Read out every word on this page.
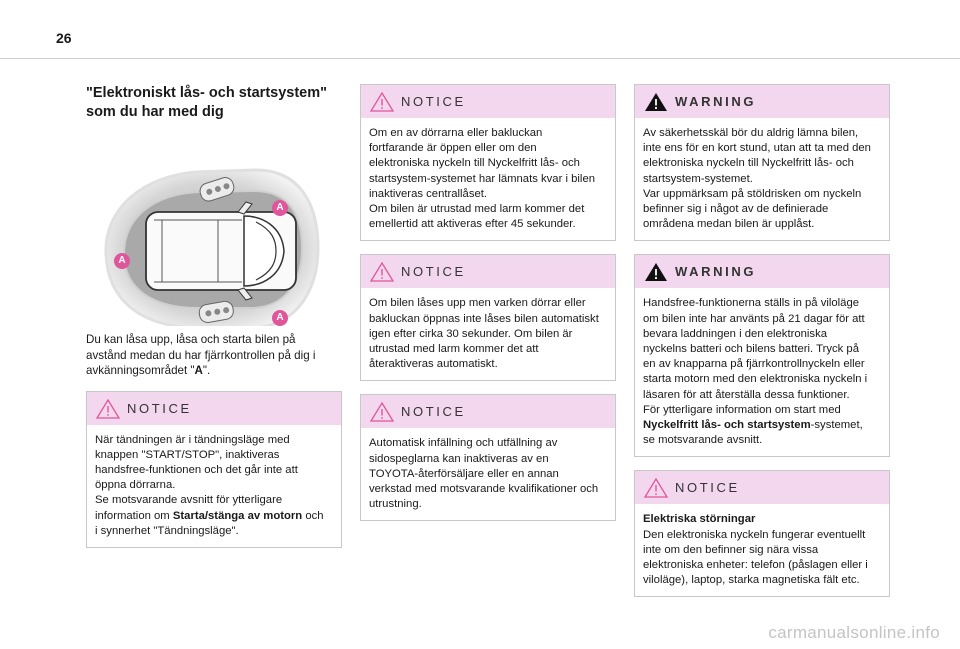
26
"Elektroniskt lås- och startsystem"
som du har med dig
A
A
A
Du kan låsa upp, låsa och starta bilen på
avstånd medan du har fjärrkontrollen på dig i
avkänningsområdet "A".
NOTICE
När tändningen är i tändningsläge med
knappen "START/STOP", inaktiveras
handsfree-funktionen och det går inte att
öppna dörrarna.
Se motsvarande avsnitt för ytterligare
information om Starta/stänga av motorn och
i synnerhet "Tändningsläge".
NOTICE
Om en av dörrarna eller bakluckan
fortfarande är öppen eller om den
elektroniska nyckeln till Nyckelfritt lås- och
startsystem-systemet har lämnats kvar i bilen
inaktiveras centrallåset.
Om bilen är utrustad med larm kommer det
emellertid att aktiveras efter 45 sekunder.
NOTICE
Om bilen låses upp men varken dörrar eller
bakluckan öppnas inte låses bilen automatiskt
igen efter cirka 30 sekunder. Om bilen är
utrustad med larm kommer det att
återaktiveras automatiskt.
NOTICE
Automatisk infällning och utfällning av
sidospeglarna kan inaktiveras av en
TOYOTA-återförsäljare eller en annan
verkstad med motsvarande kvalifikationer och
utrustning.
WARNING
Av säkerhetsskäl bör du aldrig lämna bilen,
inte ens för en kort stund, utan att ta med den
elektroniska nyckeln till Nyckelfritt lås- och
startsystem-systemet.
Var uppmärksam på stöldrisken om nyckeln
befinner sig i något av de definierade
områdena medan bilen är upplåst.
WARNING
Handsfree-funktionerna ställs in på viloläge
om bilen inte har använts på 21 dagar för att
bevara laddningen i den elektroniska
nyckelns batteri och bilens batteri. Tryck på
en av knapparna på fjärrkontrollnyckeln eller
starta motorn med den elektroniska nyckeln i
läsaren för att återställa dessa funktioner.
För ytterligare information om start med
Nyckelfritt lås- och startsystem-systemet,
se motsvarande avsnitt.
NOTICE
Elektriska störningar
Den elektroniska nyckeln fungerar eventuellt
inte om den befinner sig nära vissa
elektroniska enheter: telefon (påslagen eller i
viloläge), laptop, starka magnetiska fält etc.
carmanualsonline.info
